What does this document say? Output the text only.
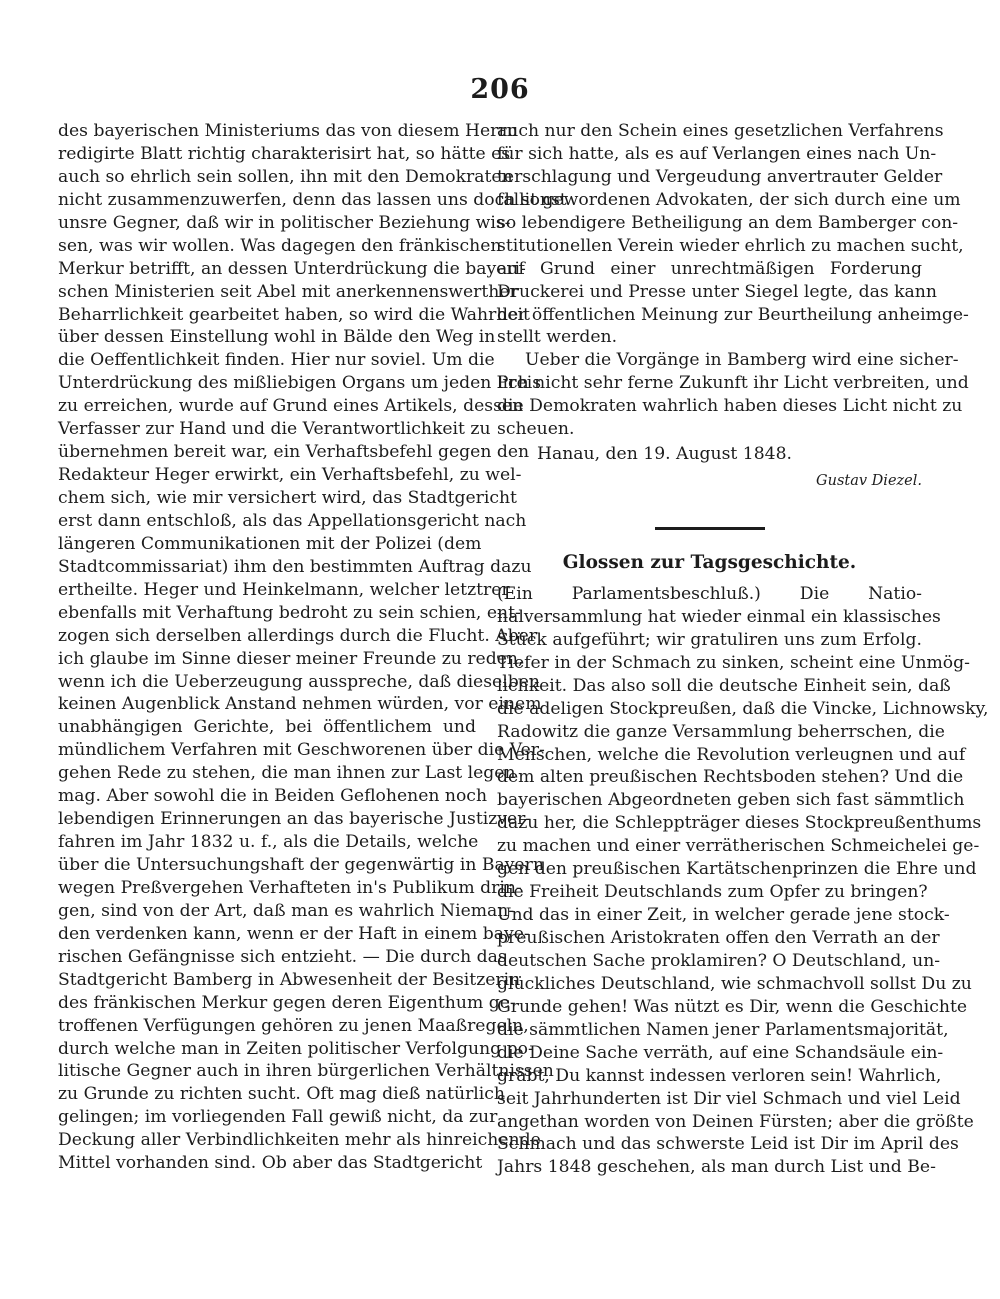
206
des bayerischen Ministeriums das von diesem Herrn
redigirte Blatt richtig charakterisirt hat, so hätte es
auch so ehrlich sein sollen, ihn mit den Demokraten
nicht zusammenzuwerfen, denn das lassen uns doch sonst
unsre Gegner, daß wir in politischer Beziehung wis-
sen, was wir wollen. Was dagegen den fränkischen
Merkur betrifft, an dessen Unterdrückung die bayeri-
schen Ministerien seit Abel mit anerkennenswerther
Beharrlichkeit gearbeitet haben, so wird die Wahrheit
über dessen Einstellung wohl in Bälde den Weg in
die Oeffentlichkeit finden. Hier nur soviel. Um die
Unterdrückung des mißliebigen Organs um jeden Preis
zu erreichen, wurde auf Grund eines Artikels, dessen
Verfasser zur Hand und die Verantwortlichkeit zu
übernehmen bereit war, ein Verhaftsbefehl gegen den
Redakteur Heger erwirkt, ein Verhaftsbefehl, zu wel-
chem sich, wie mir versichert wird, das Stadtgericht
erst dann entschloß, als das Appellationsgericht nach
längeren Communikationen mit der Polizei (dem
Stadtcommissariat) ihm den bestimmten Auftrag dazu
ertheilte. Heger und Heinkelmann, welcher letztrer
ebenfalls mit Verhaftung bedroht zu sein schien, ent-
zogen sich derselben allerdings durch die Flucht. Aber
ich glaube im Sinne dieser meiner Freunde zu reden,
wenn ich die Ueberzeugung ausspreche, daß dieselben
keinen Augenblick Anstand nehmen würden, vor einem
unabhängigen Gerichte, bei öffentlichem und
mündlichem Verfahren mit Geschworenen über die Ver-
gehen Rede zu stehen, die man ihnen zur Last legen
mag. Aber sowohl die in Beiden Geflohenen noch
lebendigen Erinnerungen an das bayerische Justizver-
fahren im Jahr 1832 u. f., als die Details, welche
über die Untersuchungshaft der gegenwärtig in Bayern
wegen Preßvergehen Verhafteten in's Publikum drin-
gen, sind von der Art, daß man es wahrlich Nieman-
den verdenken kann, wenn er der Haft in einem baye-
rischen Gefängnisse sich entzieht. — Die durch das
Stadtgericht Bamberg in Abwesenheit der Besitzerin
des fränkischen Merkur gegen deren Eigenthum ge-
troffenen Verfügungen gehören zu jenen Maaßregeln,
durch welche man in Zeiten politischer Verfolgung po-
litische Gegner auch in ihren bürgerlichen Verhältnissen
zu Grunde zu richten sucht. Oft mag dieß natürlich
gelingen; im vorliegenden Fall gewiß nicht, da zur
Deckung aller Verbindlichkeiten mehr als hinreichende
Mittel vorhanden sind. Ob aber das Stadtgericht
auch nur den Schein eines gesetzlichen Verfahrens
für sich hatte, als es auf Verlangen eines nach Un-
terschlagung und Vergeudung anvertrauter Gelder
fallit gewordenen Advokaten, der sich durch eine um
so lebendigere Betheiligung an dem Bamberger con-
stitutionellen Verein wieder ehrlich zu machen sucht,
auf Grund einer unrechtmäßigen Forderung
Druckerei und Presse unter Siegel legte, das kann
der öffentlichen Meinung zur Beurtheilung anheimge-
stellt werden.
Ueber die Vorgänge in Bamberg wird eine sicher-
lich nicht sehr ferne Zukunft ihr Licht verbreiten, und
die Demokraten wahrlich haben dieses Licht nicht zu
scheuen.
Hanau, den 19. August 1848.
Gustav Diezel.
Glossen zur Tagsgeschichte.
(Ein Parlamentsbeschluß.) Die Natio-
nalversammlung hat wieder einmal ein klassisches
Stück aufgeführt; wir gratuliren uns zum Erfolg.
Tiefer in der Schmach zu sinken, scheint eine Unmög-
lichkeit. Das also soll die deutsche Einheit sein, daß
die adeligen Stockpreußen, daß die Vincke, Lichnowsky,
Radowitz die ganze Versammlung beherrschen, die
Menschen, welche die Revolution verleugnen und auf
dem alten preußischen Rechtsboden stehen? Und die
bayerischen Abgeordneten geben sich fast sämmtlich
dazu her, die Schleppträger dieses Stockpreußenthums
zu machen und einer verrätherischen Schmeichelei ge-
gen den preußischen Kartätschenprinzen die Ehre und
die Freiheit Deutschlands zum Opfer zu bringen?
Und das in einer Zeit, in welcher gerade jene stock-
preußischen Aristokraten offen den Verrath an der
deutschen Sache proklamiren? O Deutschland, un-
glückliches Deutschland, wie schmachvoll sollst Du zu
Grunde gehen! Was nützt es Dir, wenn die Geschichte
die sämmtlichen Namen jener Parlamentsmajorität,
die Deine Sache verräth, auf eine Schandsäule ein-
gräbt, Du kannst indessen verloren sein! Wahrlich,
seit Jahrhunderten ist Dir viel Schmach und viel Leid
angethan worden von Deinen Fürsten; aber die größte
Schmach und das schwerste Leid ist Dir im April des
Jahrs 1848 geschehen, als man durch List und Be-
